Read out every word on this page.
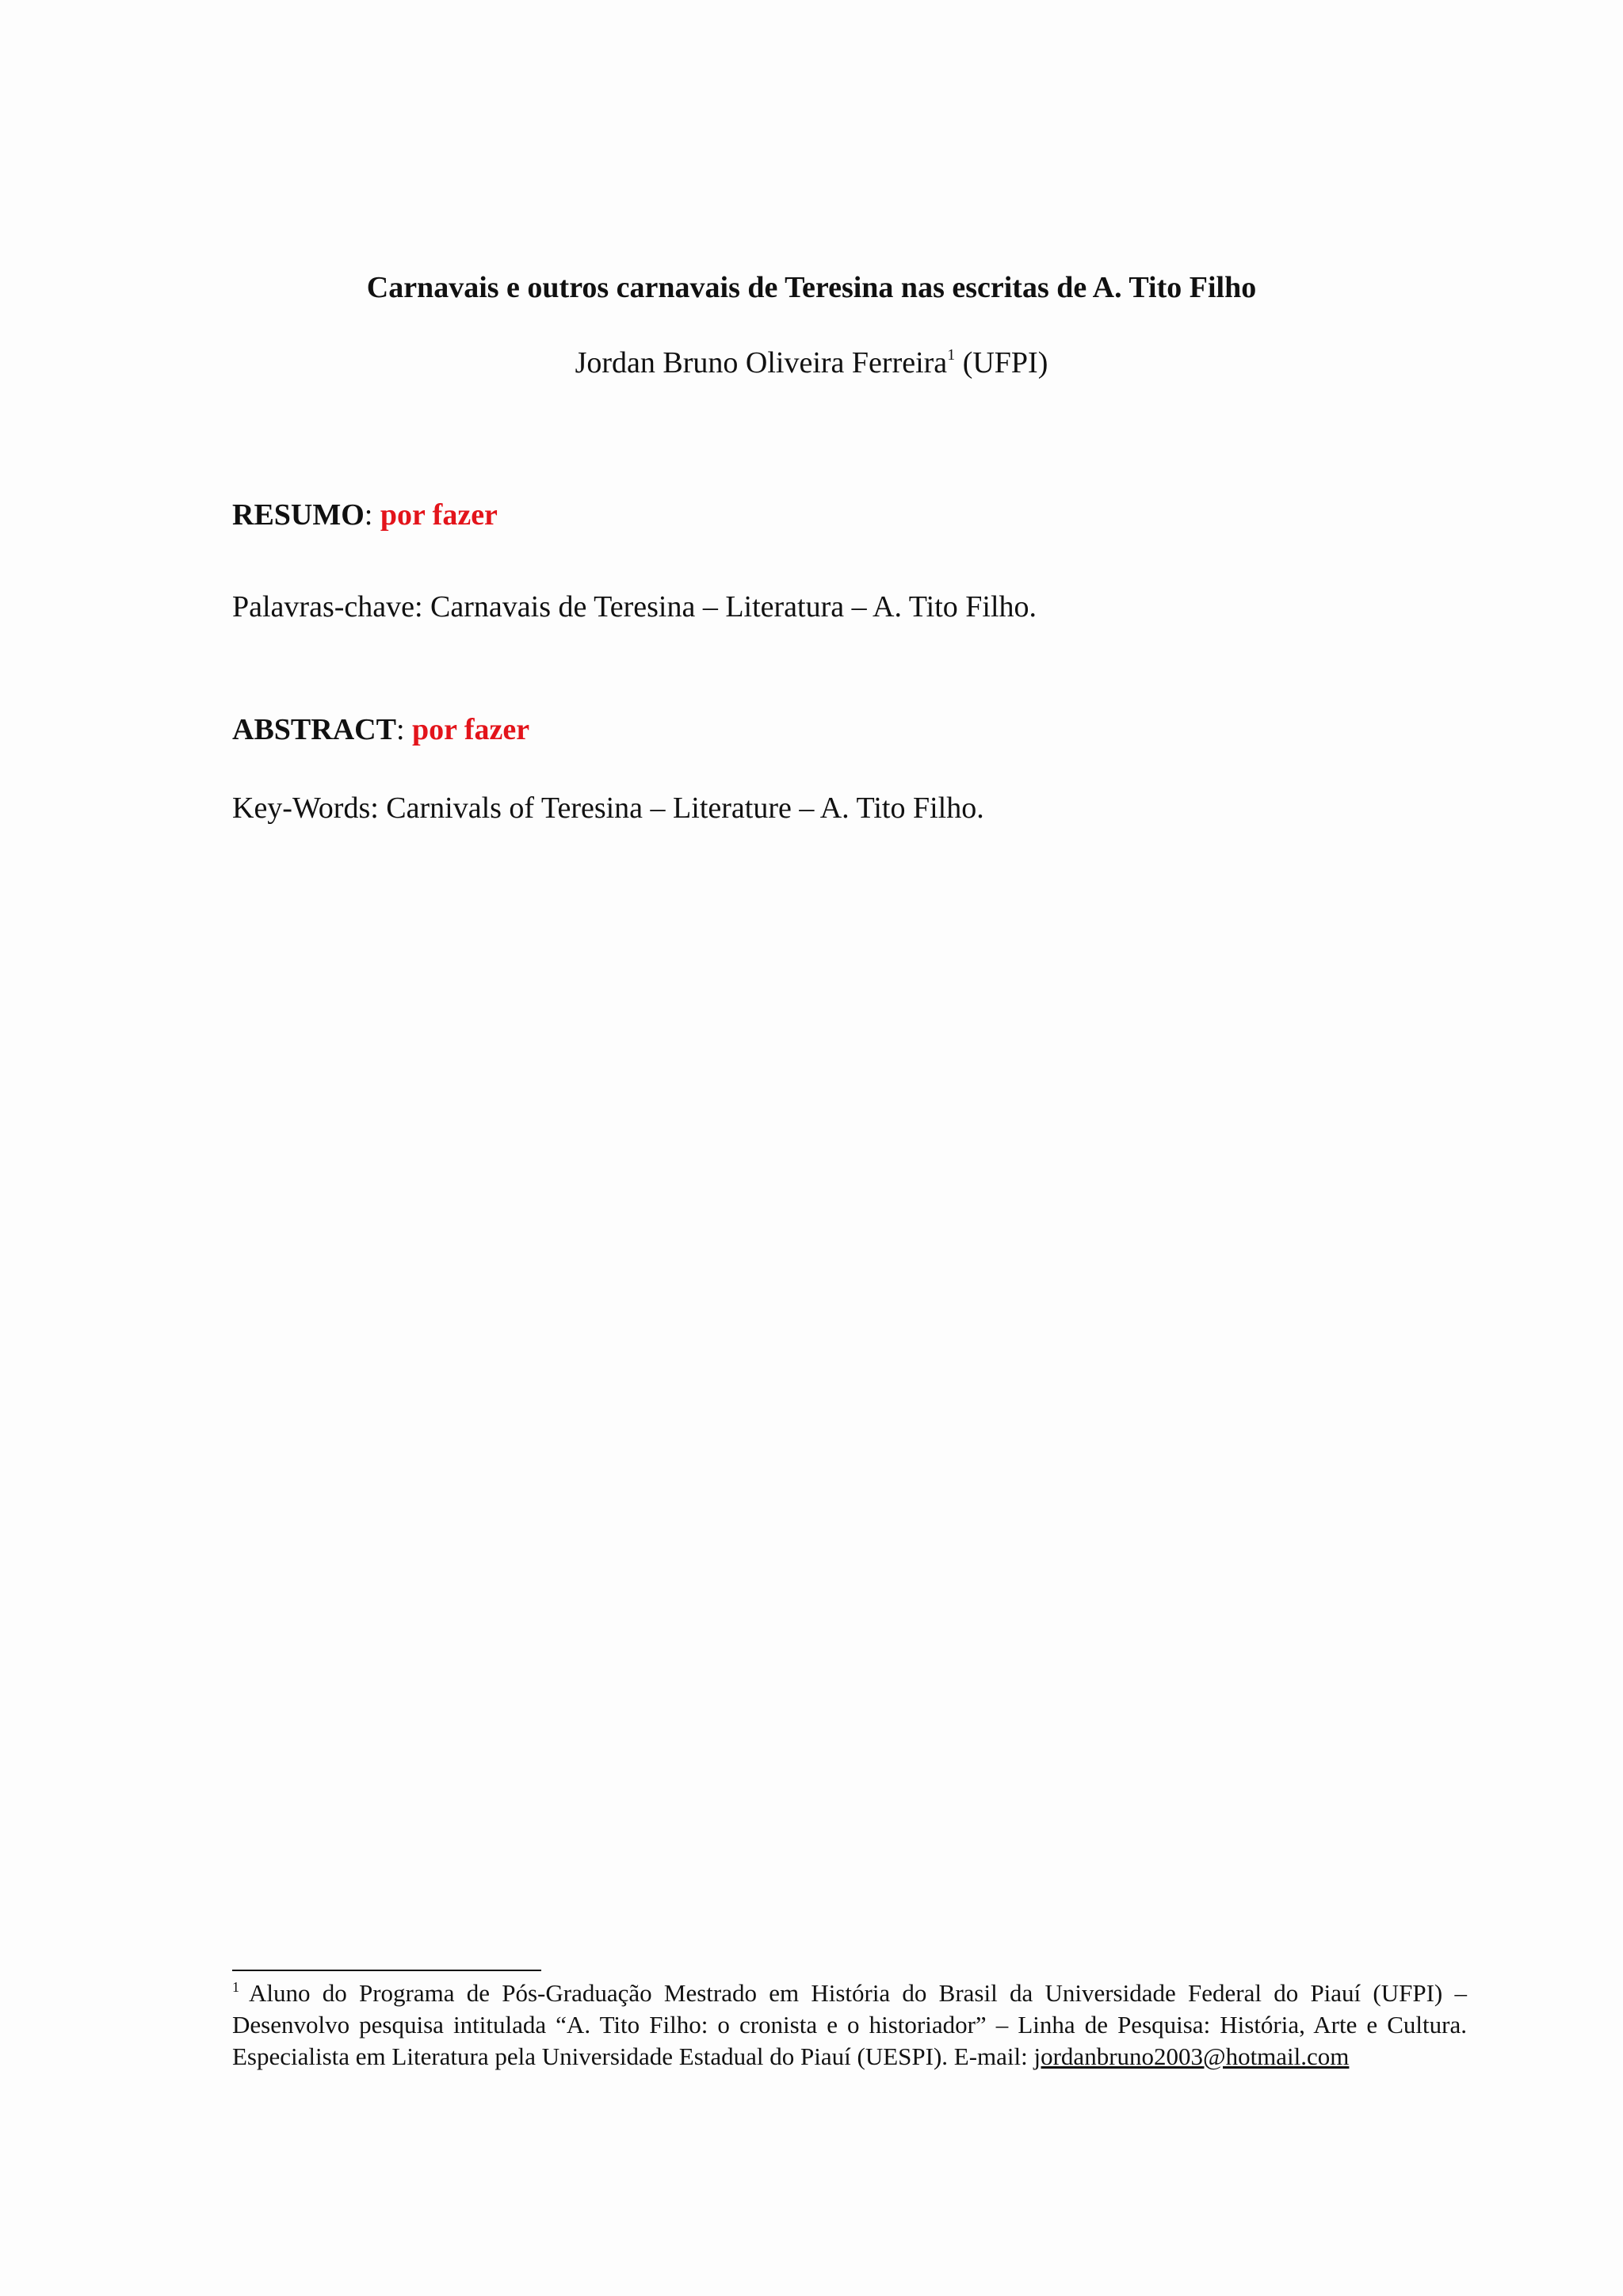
Carnavais e outros carnavais de Teresina nas escritas de A. Tito Filho
Jordan Bruno Oliveira Ferreira$^1$ (UFPI)
RESUMO: por fazer
Palavras-chave: Carnavais de Teresina – Literatura – A. Tito Filho.
ABSTRACT: por fazer
Key-Words: Carnivals of Teresina – Literature – A. Tito Filho.
$^1$ Aluno do Programa de Pós-Graduação Mestrado em História do Brasil da Universidade Federal do Piauí (UFPI) – Desenvolvo pesquisa intitulada “A. Tito Filho: o cronista e o historiador” – Linha de Pesquisa: História, Arte e Cultura. Especialista em Literatura pela Universidade Estadual do Piauí (UESPI). E-mail: jordanbruno2003@hotmail.com
